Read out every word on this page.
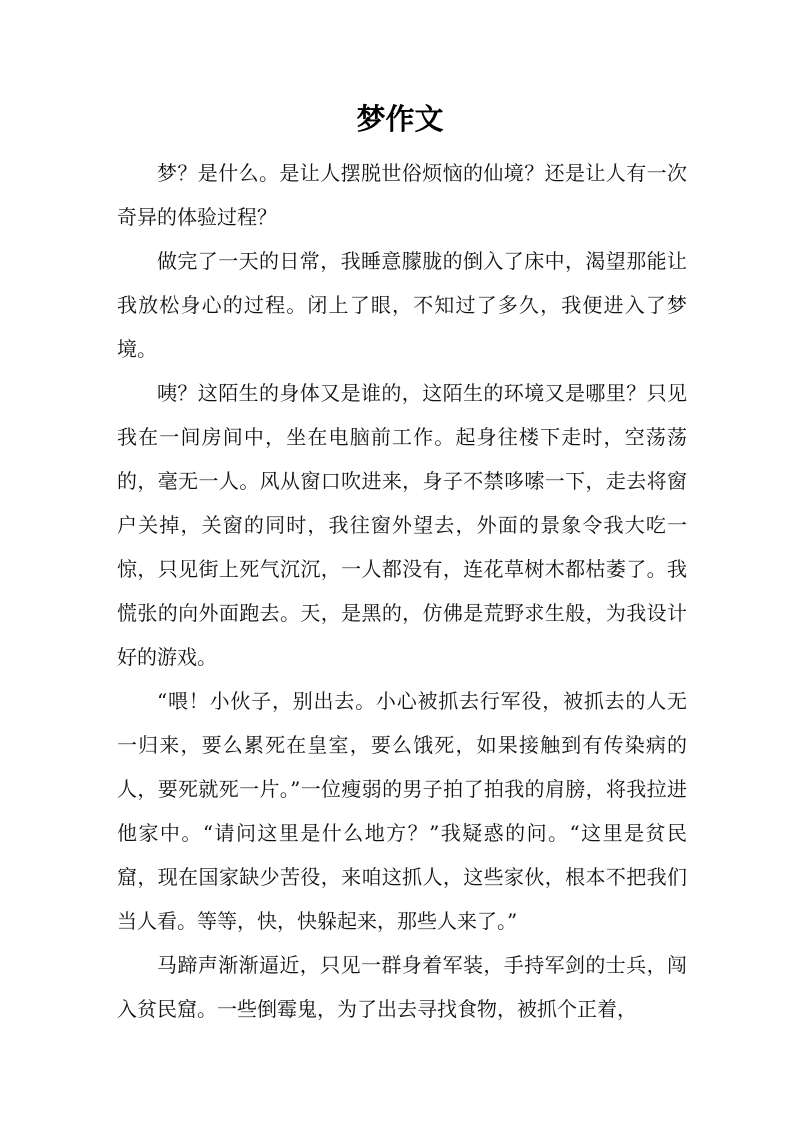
梦作文

梦？是什么。是让人摆脱世俗烦恼的仙境？还是让人有一次奇异的体验过程？

做完了一天的日常，我睡意朦胧的倒入了床中，渴望那能让我放松身心的过程。闭上了眼，不知过了多久，我便进入了梦境。

咦？这陌生的身体又是谁的，这陌生的环境又是哪里？只见我在一间房间中，坐在电脑前工作。起身往楼下走时，空荡荡的，毫无一人。风从窗口吹进来，身子不禁哆嗦一下，走去将窗户关掉，关窗的同时，我往窗外望去，外面的景象令我大吃一惊，只见街上死气沉沉，一人都没有，连花草树木都枯萎了。我慌张的向外面跑去。天，是黑的，仿佛是荒野求生般，为我设计好的游戏。

“喂！小伙子，别出去。小心被抓去行军役，被抓去的人无一归来，要么累死在皇室，要么饿死，如果接触到有传染病的人，要死就死一片。”一位瘦弱的男子拍了拍我的肩膀，将我拉进他家中。“请问这里是什么地方？”我疑惑的问。“这里是贫民窟，现在国家缺少苦役，来咱这抓人，这些家伙，根本不把我们当人看。等等，快，快躲起来，那些人来了。”

马蹄声渐渐逼近，只见一群身着军装，手持军剑的士兵，闯入贫民窟。一些倒霉鬼，为了出去寻找食物，被抓个正着，
